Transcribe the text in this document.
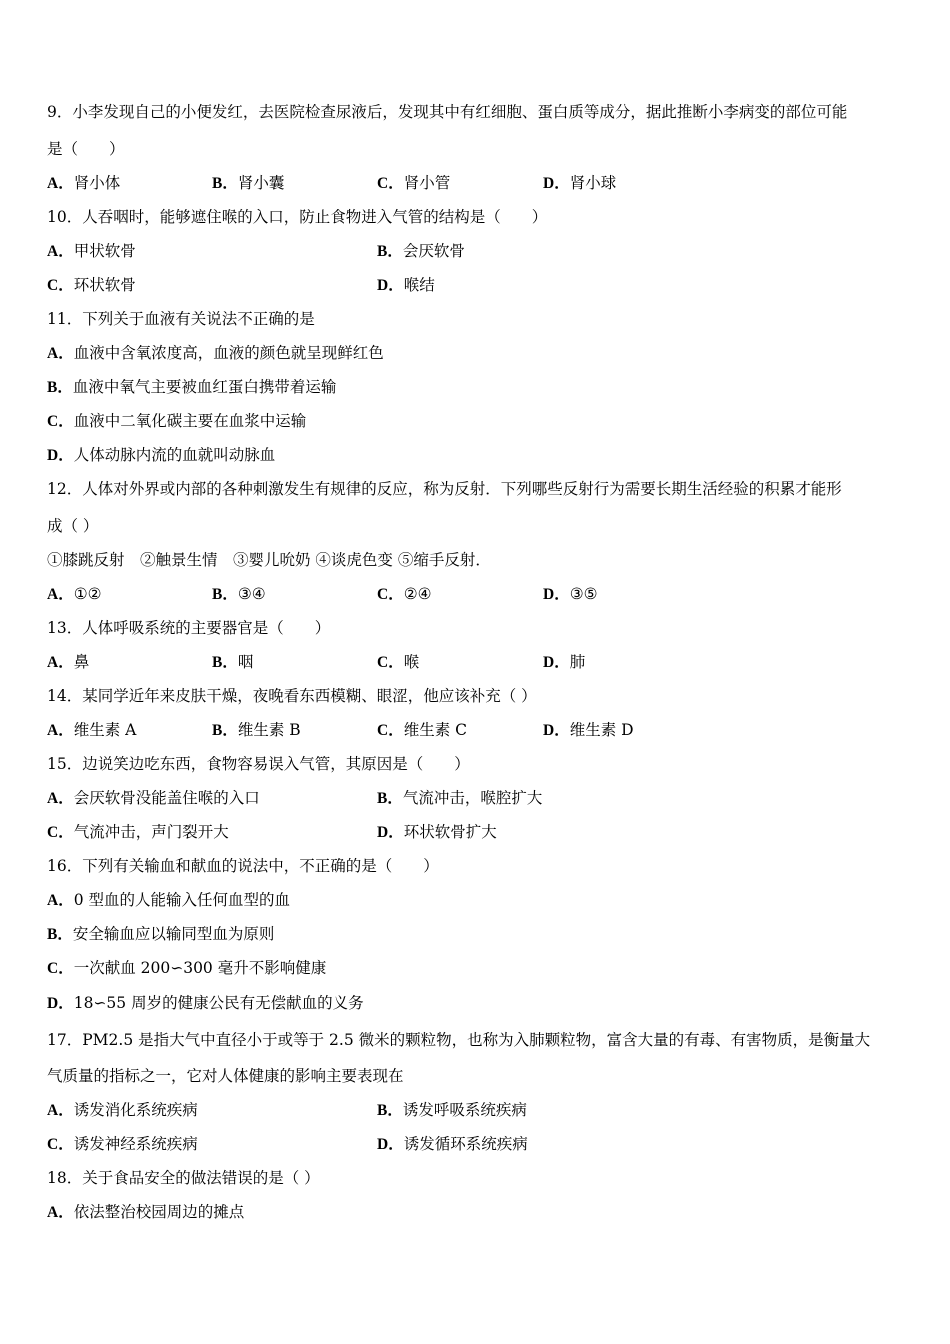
9．小李发现自己的小便发红，去医院检查尿液后，发现其中有红细胞、蛋白质等成分，据此推断小李病变的部位可能
是（　　）
A．肾小体	B．肾小囊	C．肾小管	D．肾小球
10．人吞咽时，能够遮住喉的入口，防止食物进入气管的结构是（　　）
A．甲状软骨	B．会厌软骨
C．环状软骨	D．喉结
11．下列关于血液有关说法不正确的是
A．血液中含氧浓度高，血液的颜色就呈现鲜红色
B．血液中氧气主要被血红蛋白携带着运输
C．血液中二氧化碳主要在血浆中运输
D．人体动脉内流的血就叫动脉血
12．人体对外界或内部的各种刺激发生有规律的反应，称为反射．下列哪些反射行为需要长期生活经验的积累才能形
成（ ）
①膝跳反射　②触景生情　③婴儿吮奶 ④谈虎色变 ⑤缩手反射．
A．①②	B．③④	C．②④	D．③⑤
13．人体呼吸系统的主要器官是（　　）
A．鼻	B．咽	C．喉	D．肺
14．某同学近年来皮肤干燥，夜晚看东西模糊、眼涩，他应该补充（ ）
A．维生素 A	B．维生素 B	C．维生素 C	D．维生素 D
15．边说笑边吃东西，食物容易误入气管，其原因是（　　）
A．会厌软骨没能盖住喉的入口	B．气流冲击，喉腔扩大
C．气流冲击，声门裂开大	D．环状软骨扩大
16．下列有关输血和献血的说法中，不正确的是（　　）
A．0 型血的人能输入任何血型的血
B．安全输血应以输同型血为原则
C．一次献血 200∽300 毫升不影响健康
D．18∽55 周岁的健康公民有无偿献血的义务
17．PM2.5 是指大气中直径小于或等于 2.5 微米的颗粒物，也称为入肺颗粒物，富含大量的有毒、有害物质，是衡量大
气质量的指标之一，它对人体健康的影响主要表现在
A．诱发消化系统疾病	B．诱发呼吸系统疾病
C．诱发神经系统疾病	D．诱发循环系统疾病
18．关于食品安全的做法错误的是（ ）
A．依法整治校园周边的摊点
